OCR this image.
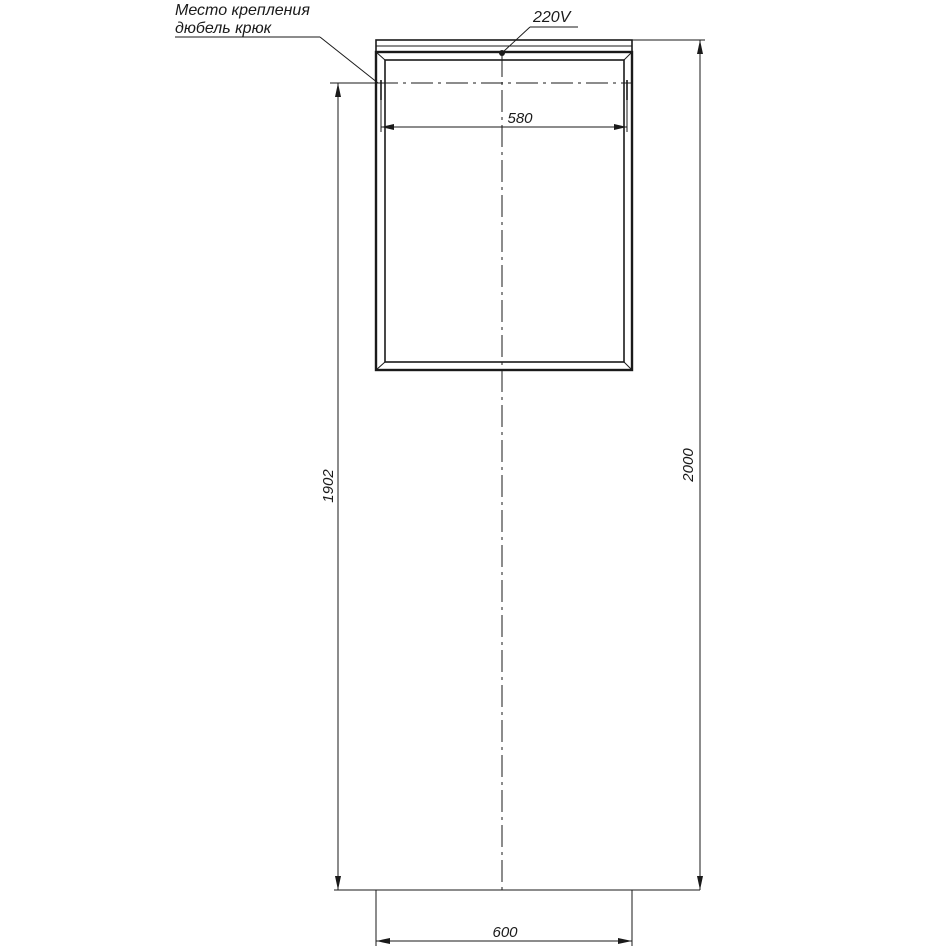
Место крепления
дюбель крюк
220V
580
1902
2000
600
